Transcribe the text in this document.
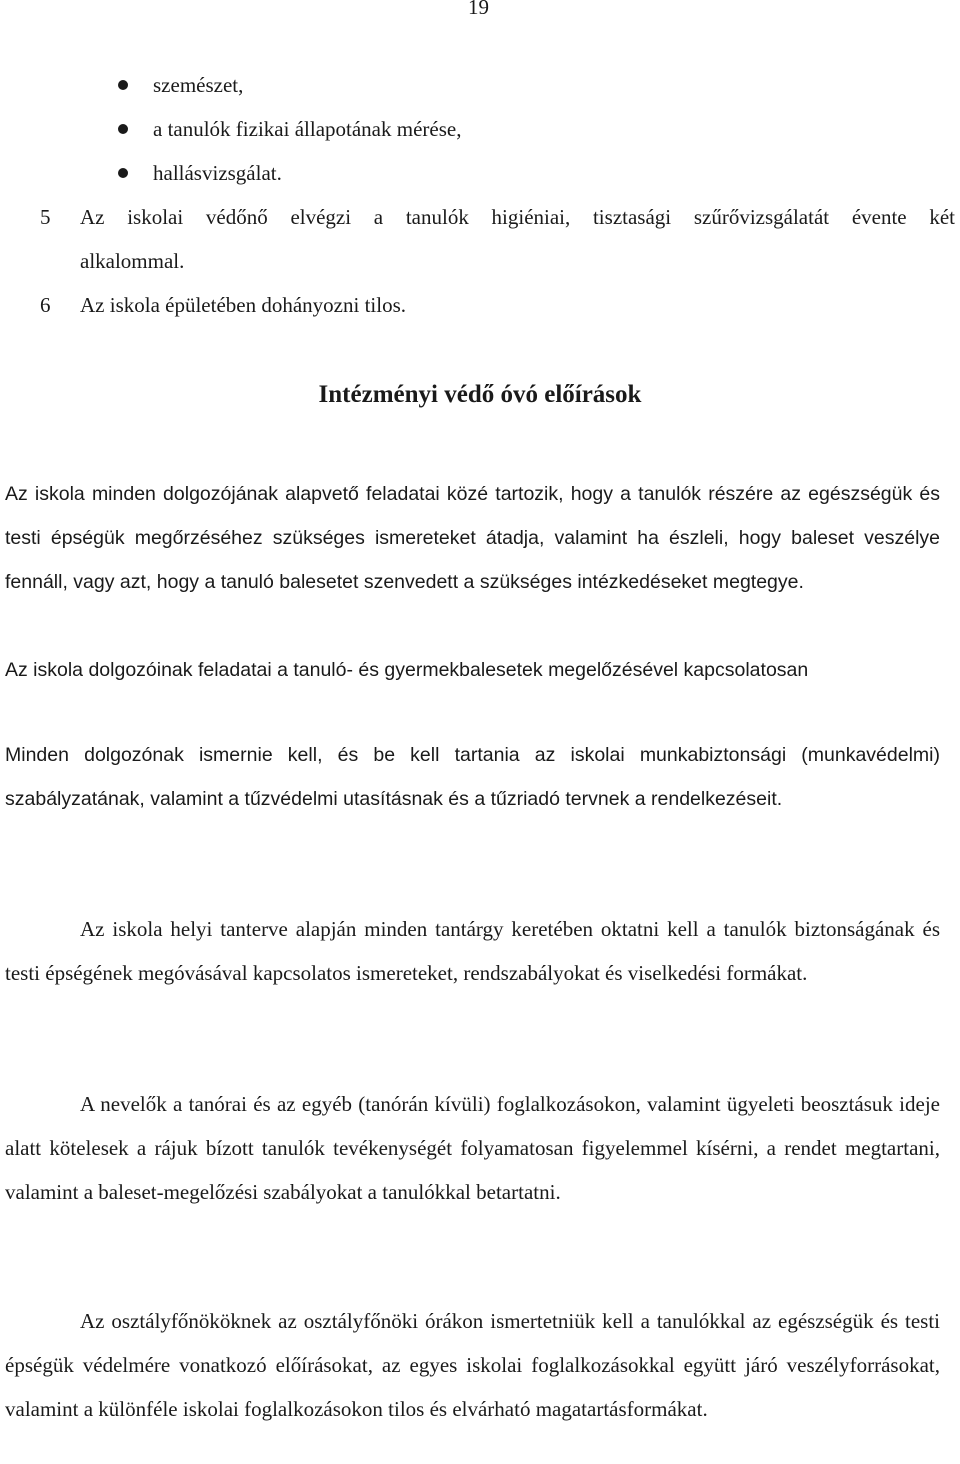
19
szemészet,
a tanulók fizikai állapotának mérése,
hallásvizsgálat.
5 Az iskolai védőnő elvégzi a tanulók higiéniai, tisztasági szűrővizsgálatát évente két
alkalommal.
6 Az iskola épületében dohányozni tilos.
Intézményi védő óvó előírások

Az iskola minden dolgozójának alapvető feladatai közé tartozik, hogy a tanulók részére az egészségük és testi épségük megőrzéséhez szükséges ismereteket átadja, valamint ha észleli, hogy baleset veszélye fennáll, vagy azt, hogy a tanuló balesetet szenvedett a szükséges intézkedéseket megtegye.

Az iskola dolgozóinak feladatai a tanuló- és gyermekbalesetek megelőzésével kapcsolatosan

Minden dolgozónak ismernie kell, és be kell tartania az iskolai munkabiztonsági (munkavédelmi) szabályzatának, valamint a tűzvédelmi utasításnak és a tűzriadó tervnek a rendelkezéseit.

Az iskola helyi tanterve alapján minden tantárgy keretében oktatni kell a tanulók biztonságának és testi épségének megóvásával kapcsolatos ismereteket, rendszabályokat és viselkedési formákat.

A nevelők a tanórai és az egyéb (tanórán kívüli) foglalkozásokon, valamint ügyeleti beosztásuk ideje alatt kötelesek a rájuk bízott tanulók tevékenységét folyamatosan figyelemmel kísérni, a rendet megtartani, valamint a baleset-megelőzési szabályokat a tanulókkal betartatni.

Az osztályfőnököknek az osztályfőnöki órákon ismertetniük kell a tanulókkal az egészségük és testi épségük védelmére vonatkozó előírásokat, az egyes iskolai foglalkozásokkal együtt járó veszélyforrásokat, valamint a különféle iskolai foglalkozásokon tilos és elvárható magatartásformákat.
